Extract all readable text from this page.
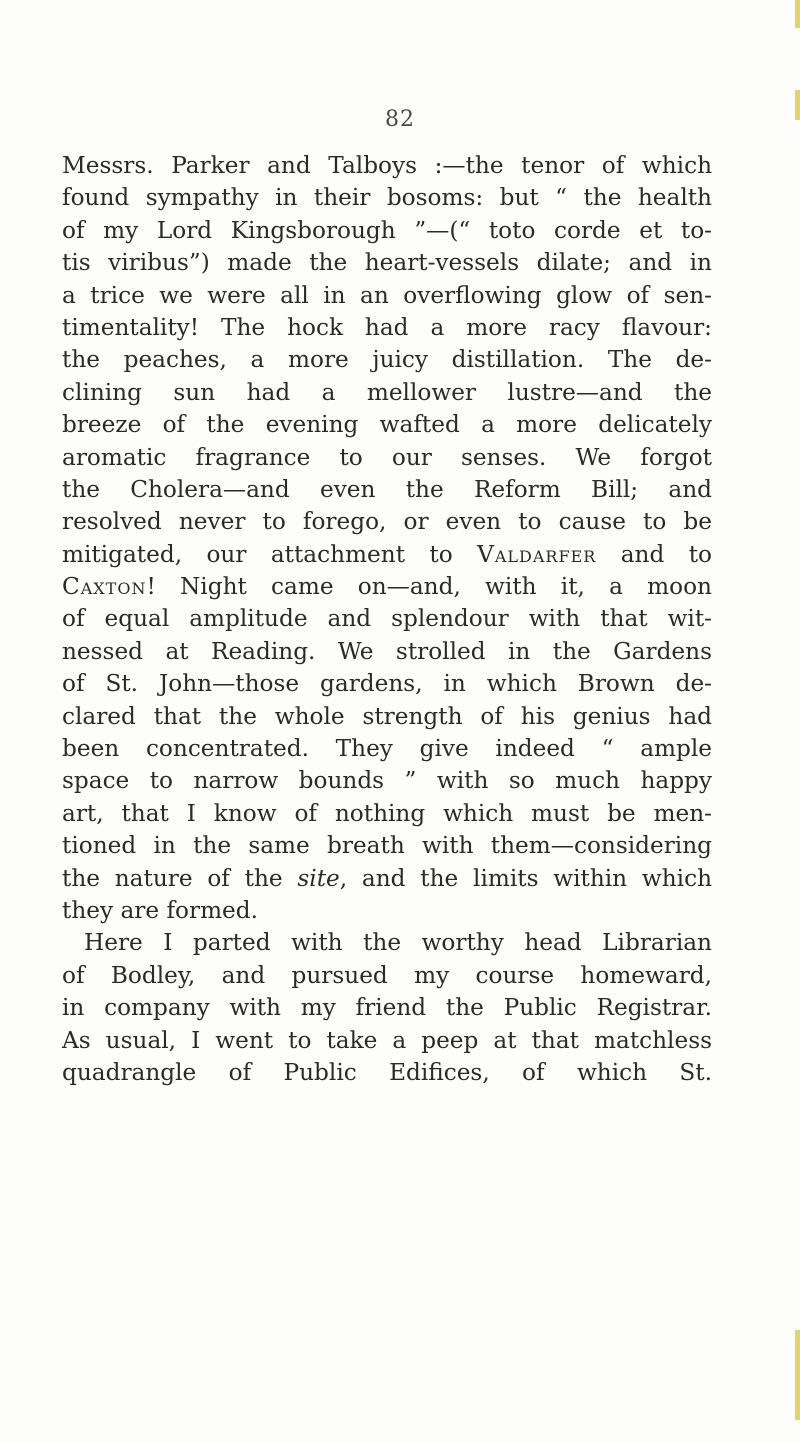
82
Messrs. Parker and Talboys :—the tenor of which
found sympathy in their bosoms: but “ the health
of my Lord Kingsborough ”—(“ toto corde et to-
tis viribus”) made the heart-vessels dilate; and in
a trice we were all in an overflowing glow of sen-
timentality! The hock had a more racy flavour:
the peaches, a more juicy distillation. The de-
clining sun had a mellower lustre—and the
breeze of the evening wafted a more delicately
aromatic fragrance to our senses. We forgot
the Cholera—and even the Reform Bill; and
resolved never to forego, or even to cause to be
mitigated, our attachment to Valdarfer and to
Caxton! Night came on—and, with it, a moon
of equal amplitude and splendour with that wit-
nessed at Reading. We strolled in the Gardens
of St. John—those gardens, in which Brown de-
clared that the whole strength of his genius had
been concentrated. They give indeed “ ample
space to narrow bounds ” with so much happy
art, that I know of nothing which must be men-
tioned in the same breath with them—considering
the nature of the site, and the limits within which
they are formed.
Here I parted with the worthy head Librarian
of Bodley, and pursued my course homeward,
in company with my friend the Public Registrar.
As usual, I went to take a peep at that matchless
quadrangle of Public Edifices, of which St.
